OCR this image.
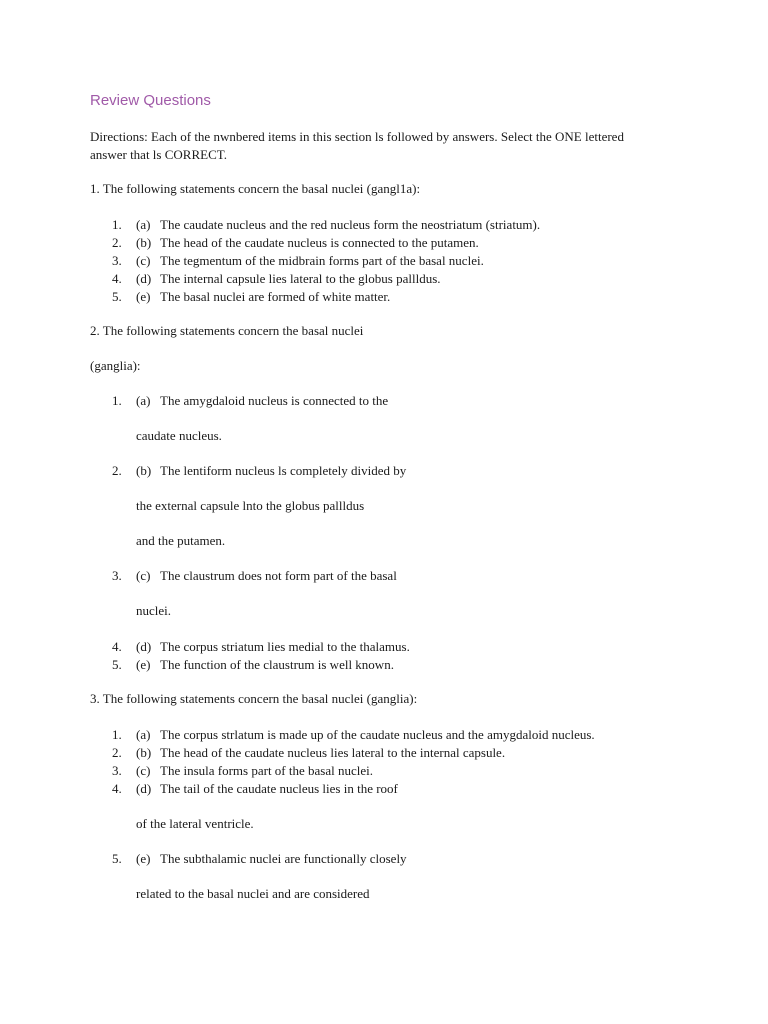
Review Questions
Directions: Each of the nwnbered items in this section ls followed by answers. Select the ONE lettered
answer that ls CORRECT.
1. The following statements concern the basal nuclei (gangl1a):
1. (a) The caudate nucleus and the red nucleus form the neostriatum (striatum).
2. (b) The head of the caudate nucleus is connected to the putamen.
3. (c) The tegmentum of the midbrain forms part of the basal nuclei.
4. (d) The internal capsule lies lateral to the globus pallldus.
5. (e) The basal nuclei are formed of white matter.
2. The following statements concern the basal nuclei
(ganglia):
1. (a) The amygdaloid nucleus is connected to the
caudate nucleus.
2. (b) The lentiform nucleus ls completely divided by
the external capsule lnto the globus pallldus
and the putamen.
3. (c) The claustrum does not form part of the basal
nuclei.
4. (d) The corpus striatum lies medial to the thalamus.
5. (e) The function of the claustrum is well known.
3. The following statements concern the basal nuclei (ganglia):
1. (a) The corpus strlatum is made up of the caudate nucleus and the amygdaloid nucleus.
2. (b) The head of the caudate nucleus lies lateral to the internal capsule.
3. (c) The insula forms part of the basal nuclei.
4. (d) The tail of the caudate nucleus lies in the roof
of the lateral ventricle.
5. (e) The subthalamic nuclei are functionally closely
related to the basal nuclei and are considered
